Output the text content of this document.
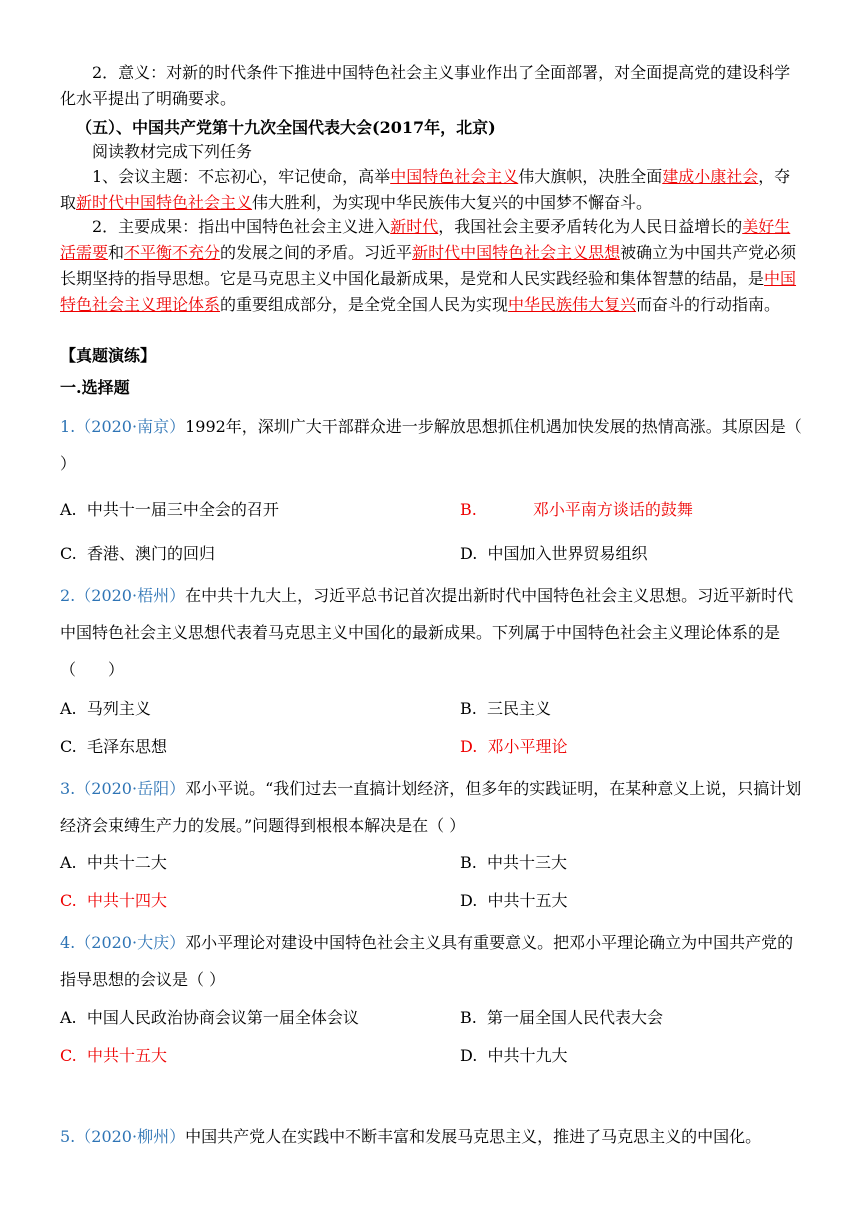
2．意义：对新的时代条件下推进中国特色社会主义事业作出了全面部署，对全面提高党的建设科学化水平提出了明确要求。

（五）、中国共产党第十九次全国代表大会(2017年，北京)

阅读教材完成下列任务

1、会议主题：不忘初心，牢记使命，高举中国特色社会主义伟大旗帜，决胜全面建成小康社会，夺取新时代中国特色社会主义伟大胜利，为实现中华民族伟大复兴的中国梦不懈奋斗。

2．主要成果：指出中国特色社会主义进入新时代，我国社会主要矛盾转化为人民日益增长的美好生活需要和不平衡不充分的发展之间的矛盾。习近平新时代中国特色社会主义思想被确立为中国共产党必须长期坚持的指导思想。它是马克思主义中国化最新成果，是党和人民实践经验和集体智慧的结晶，是中国特色社会主义理论体系的重要组成部分，是全党全国人民为实现中华民族伟大复兴而奋斗的行动指南。

【真题演练】

一.选择题

1.（2020·南京）1992年，深圳广大干部群众进一步解放思想抓住机遇加快发展的热情高涨。其原因是（ ）

A. 中共十一届三中全会的召开	B.	邓小平南方谈话的鼓舞
C. 香港、澳门的回归	D. 中国加入世界贸易组织

2.（2020·梧州）在中共十九大上，习近平总书记首次提出新时代中国特色社会主义思想。习近平新时代中国特色社会主义思想代表着马克思主义中国化的最新成果。下列属于中国特色社会主义理论体系的是（　　）

A. 马列主义	B. 三民主义
C. 毛泽东思想	D. 邓小平理论

3.（2020·岳阳）邓小平说。“我们过去一直搞计划经济，但多年的实践证明，在某种意义上说，只搞计划经济会束缚生产力的发展。”问题得到根根本解决是在（ ）

A. 中共十二大	B. 中共十三大
C. 中共十四大	D. 中共十五大

4.（2020·大庆）邓小平理论对建设中国特色社会主义具有重要意义。把邓小平理论确立为中国共产党的指导思想的会议是（ ）

A. 中国人民政治协商会议第一届全体会议	B. 第一届全国人民代表大会
C. 中共十五大	D. 中共十九大

5.（2020·柳州）中国共产党人在实践中不断丰富和发展马克思主义，推进了马克思主义的中国化。
